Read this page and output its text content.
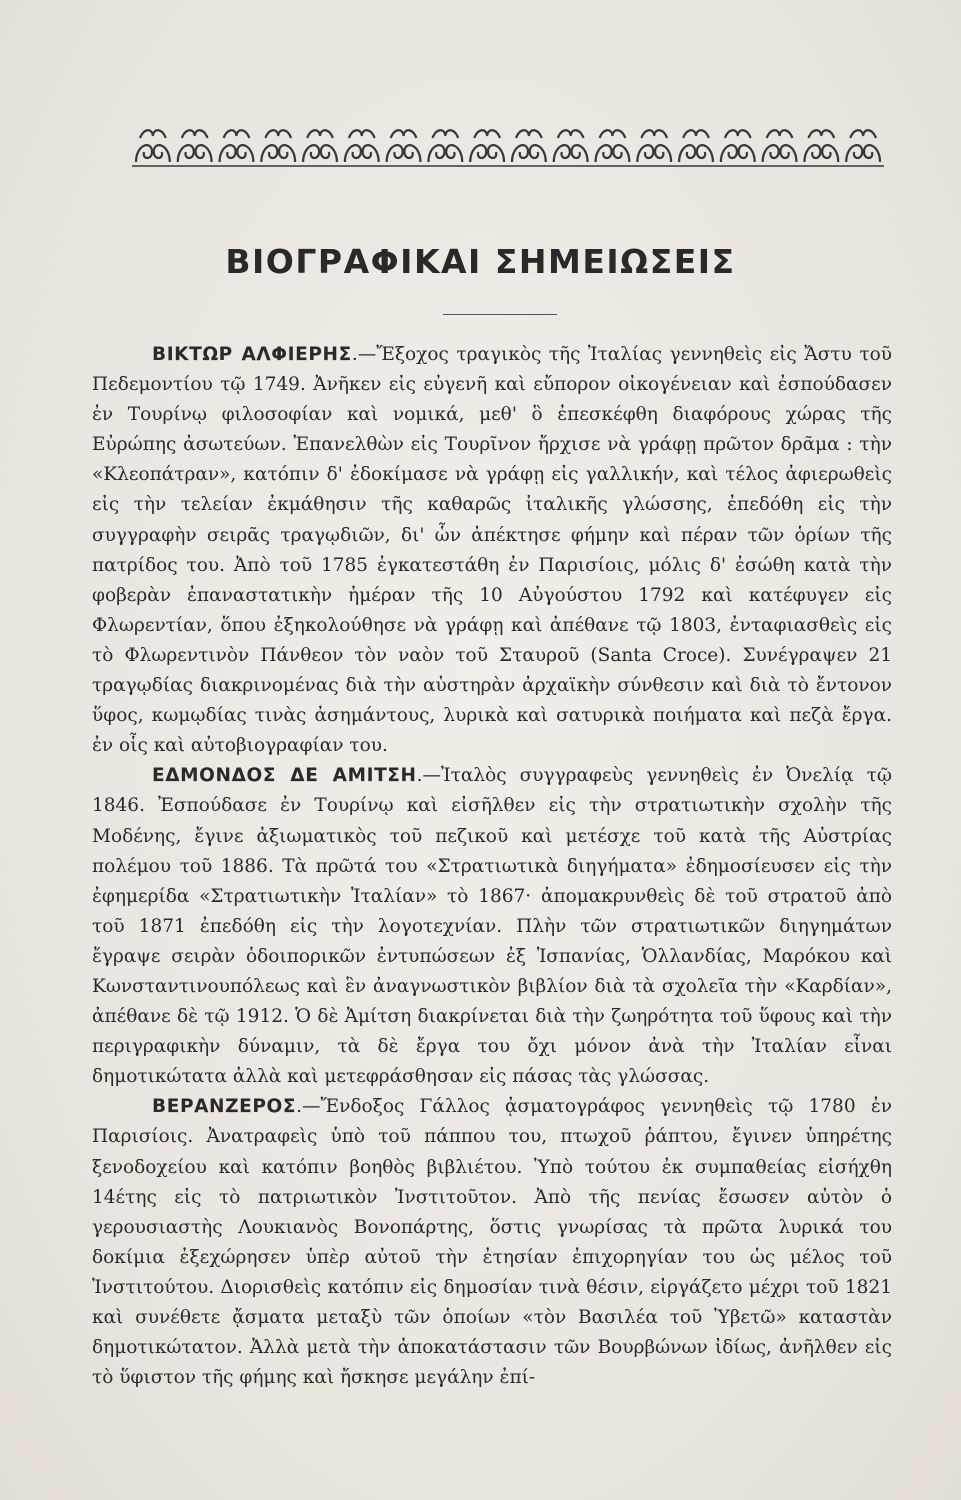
ΒΙΟΓΡΑΦΙΚΑΙ ΣΗΜΕΙΩΣΕΙΣ

ΒΙΚΤΩΡ ΑΛΦΙΕΡΗΣ.—Ἔξοχος τραγικὸς τῆς Ἰταλίας γεννηθεὶς εἰς Ἄστυ τοῦ Πεδεμοντίου τῷ 1749. Ἀνῆκεν εἰς εὐγενῆ καὶ εὔπορον οἰκογένειαν καὶ ἐσπούδασεν ἐν Τουρίνῳ φιλοσοφίαν καὶ νομικά, μεθ' ὃ ἐπεσκέφθη διαφόρους χώρας τῆς Εὐρώπης ἀσωτεύων. Ἐπανελθὼν εἰς Τουρῖνον ἤρχισε νὰ γράφῃ πρῶτον δρᾶμα : τὴν «Κλεοπάτραν», κατόπιν δ' ἐδοκίμασε νὰ γράφῃ εἰς γαλλικήν, καὶ τέλος ἀφιερωθεὶς εἰς τὴν τελείαν ἐκμάθησιν τῆς καθαρῶς ἰταλικῆς γλώσσης, ἐπεδόθη εἰς τὴν συγγραφὴν σειρᾶς τραγῳδιῶν, δι' ὧν ἀπέκτησε φήμην καὶ πέραν τῶν ὁρίων τῆς πατρίδος του. Ἀπὸ τοῦ 1785 ἐγκατεστάθη ἐν Παρισίοις, μόλις δ' ἐσώθη κατὰ τὴν φοβερὰν ἐπαναστατικὴν ἡμέραν τῆς 10 Αὐγούστου 1792 καὶ κατέφυγεν εἰς Φλωρεντίαν, ὅπου ἐξηκολούθησε νὰ γράφῃ καὶ ἀπέθανε τῷ 1803, ἐνταφιασθεὶς εἰς τὸ Φλωρεντινὸν Πάνθεον τὸν ναὸν τοῦ Σταυροῦ (Santa Croce). Συνέγραψεν 21 τραγῳδίας διακρινομένας διὰ τὴν αὐστηρὰν ἀρχαϊκὴν σύνθεσιν καὶ διὰ τὸ ἔντονον ὕφος, κωμῳδίας τινὰς ἀσημάντους, λυρικὰ καὶ σατυρικὰ ποιήματα καὶ πεζὰ ἔργα. ἐν οἷς καὶ αὐτοβιογραφίαν του.

ΕΔΜΟΝΔΟΣ ΔΕ ΑΜΙΤΣΗ.—Ἰταλὸς συγγραφεὺς γεννηθεὶς ἐν Ὀνελίᾳ τῷ 1846. Ἐσπούδασε ἐν Τουρίνῳ καὶ εἰσῆλθεν εἰς τὴν στρατιωτικὴν σχολὴν τῆς Μοδένης, ἔγινε ἀξιωματικὸς τοῦ πεζικοῦ καὶ μετέσχε τοῦ κατὰ τῆς Αὐστρίας πολέμου τοῦ 1886. Τὰ πρῶτά του «Στρατιωτικὰ διηγήματα» ἐδημοσίευσεν εἰς τὴν ἐφημερίδα «Στρατιωτικὴν Ἰταλίαν» τὸ 1867· ἀπομακρυνθεὶς δὲ τοῦ στρατοῦ ἀπὸ τοῦ 1871 ἐπεδόθη εἰς τὴν λογοτεχνίαν. Πλὴν τῶν στρατιωτικῶν διηγημάτων ἔγραψε σειρὰν ὁδοιπορικῶν ἐντυπώσεων ἐξ Ἱσπανίας, Ὁλλανδίας, Μαρόκου καὶ Κωνσταντινουπόλεως καὶ ἓν ἀναγνωστικὸν βιβλίον διὰ τὰ σχολεῖα τὴν «Καρδίαν», ἀπέθανε δὲ τῷ 1912. Ὁ δὲ Ἀμίτση διακρίνεται διὰ τὴν ζωηρότητα τοῦ ὕφους καὶ τὴν περιγραφικὴν δύναμιν, τὰ δὲ ἔργα του ὄχι μόνον ἀνὰ τὴν Ἰταλίαν εἶναι δημοτικώτατα ἀλλὰ καὶ μετεφράσθησαν εἰς πάσας τὰς γλώσσας.

ΒΕΡΑΝΖΕΡΟΣ.—Ἔνδοξος Γάλλος ᾀσματογράφος γεννηθεὶς τῷ 1780 ἐν Παρισίοις. Ἀνατραφεὶς ὑπὸ τοῦ πάππου του, πτωχοῦ ῥάπτου, ἔγινεν ὑπηρέτης ξενοδοχείου καὶ κατόπιν βοηθὸς βιβλιέτου. Ὑπὸ τούτου ἐκ συμπαθείας εἰσήχθη 14έτης εἰς τὸ πατριωτικὸν Ἰνστιτοῦτον. Ἀπὸ τῆς πενίας ἔσωσεν αὐτὸν ὁ γερουσιαστὴς Λουκιανὸς Βονοπάρτης, ὅστις γνωρίσας τὰ πρῶτα λυρικά του δοκίμια ἐξεχώρησεν ὑπὲρ αὐτοῦ τὴν ἐτησίαν ἐπιχορηγίαν του ὡς μέλος τοῦ Ἰνστιτούτου. Διορισθεὶς κατόπιν εἰς δημοσίαν τινὰ θέσιν, εἰργάζετο μέχρι τοῦ 1821 καὶ συνέθετε ᾄσματα μεταξὺ τῶν ὁποίων «τὸν Βασιλέα τοῦ Ὑβετῶ» καταστὰν δημοτικώτατον. Ἀλλὰ μετὰ τὴν ἀποκατάστασιν τῶν Βουρβώνων ἰδίως, ἀνῆλθεν εἰς τὸ ὕφιστον τῆς φήμης καὶ ἤσκησε μεγάλην ἐπί-
